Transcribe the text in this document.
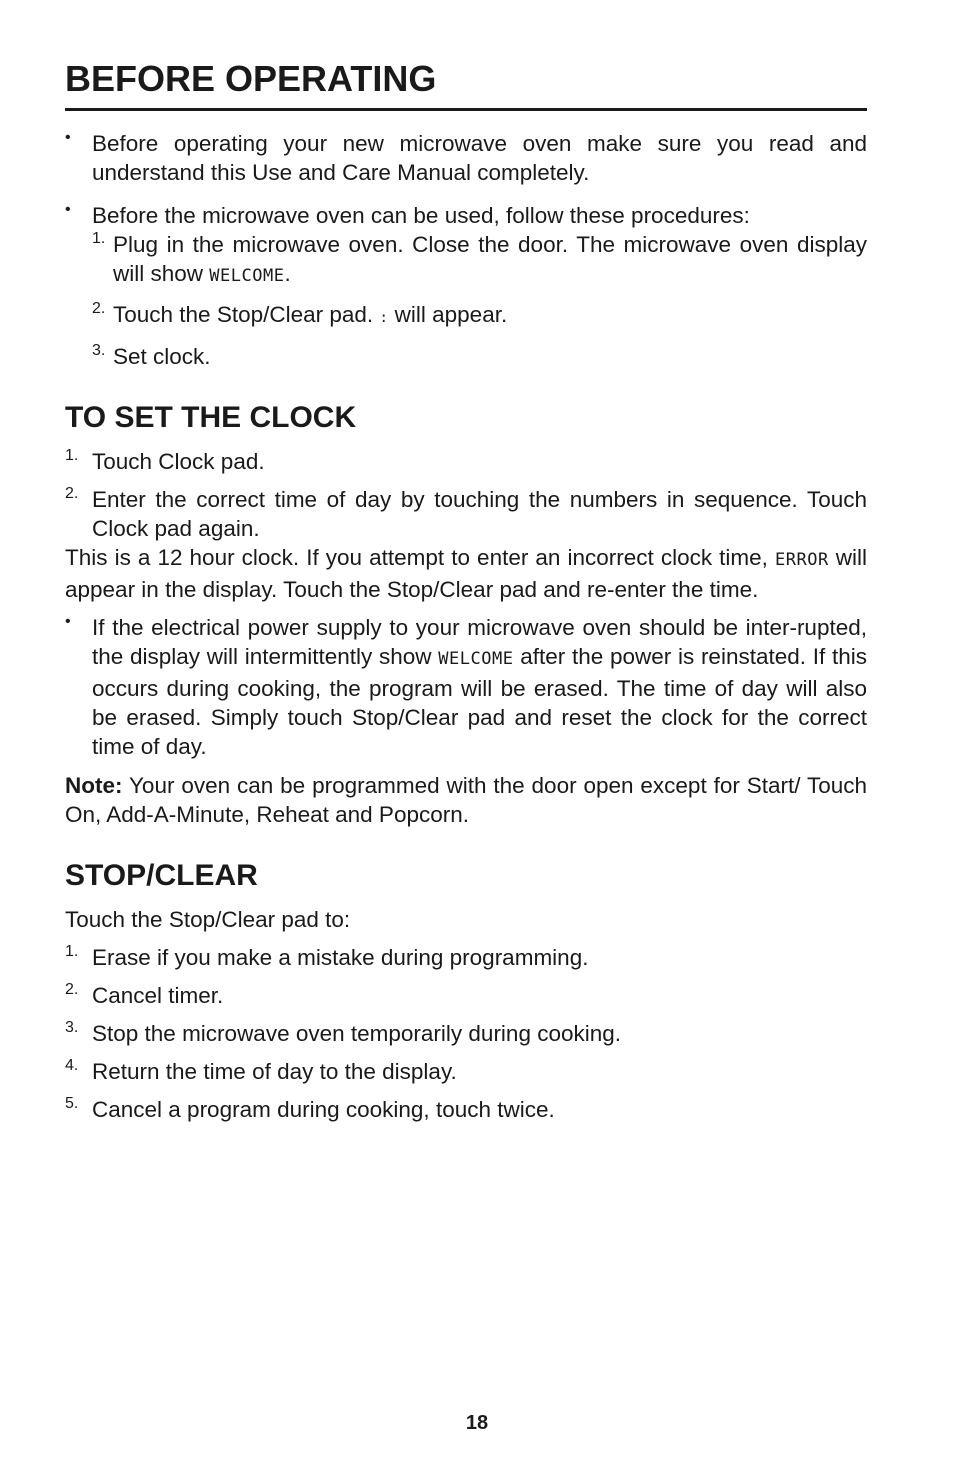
BEFORE OPERATING
• Before operating your new microwave oven make sure you read and understand this Use and Care Manual completely.

• Before the microwave oven can be used, follow these procedures:

1. Plug in the microwave oven. Close the door. The microwave oven display will show WELCOME.

2. Touch the Stop/Clear pad. : will appear.

3. Set clock.

TO SET THE CLOCK
1. Touch Clock pad.

2. Enter the correct time of day by touching the numbers in sequence. Touch Clock pad again.

This is a 12 hour clock. If you attempt to enter an incorrect clock time, ERROR will appear in the display. Touch the Stop/Clear pad and re-enter the time.

• If the electrical power supply to your microwave oven should be inter-rupted, the display will intermittently show WELCOME after the power is reinstated. If this occurs during cooking, the program will be erased. The time of day will also be erased. Simply touch Stop/Clear pad and reset the clock for the correct time of day.

Note: Your oven can be programmed with the door open except for Start/ Touch On, Add-A-Minute, Reheat and Popcorn.

STOP/CLEAR

Touch the Stop/Clear pad to:

1. Erase if you make a mistake during programming.

2. Cancel timer.

3. Stop the microwave oven temporarily during cooking.

4. Return the time of day to the display.

5. Cancel a program during cooking, touch twice.

18
